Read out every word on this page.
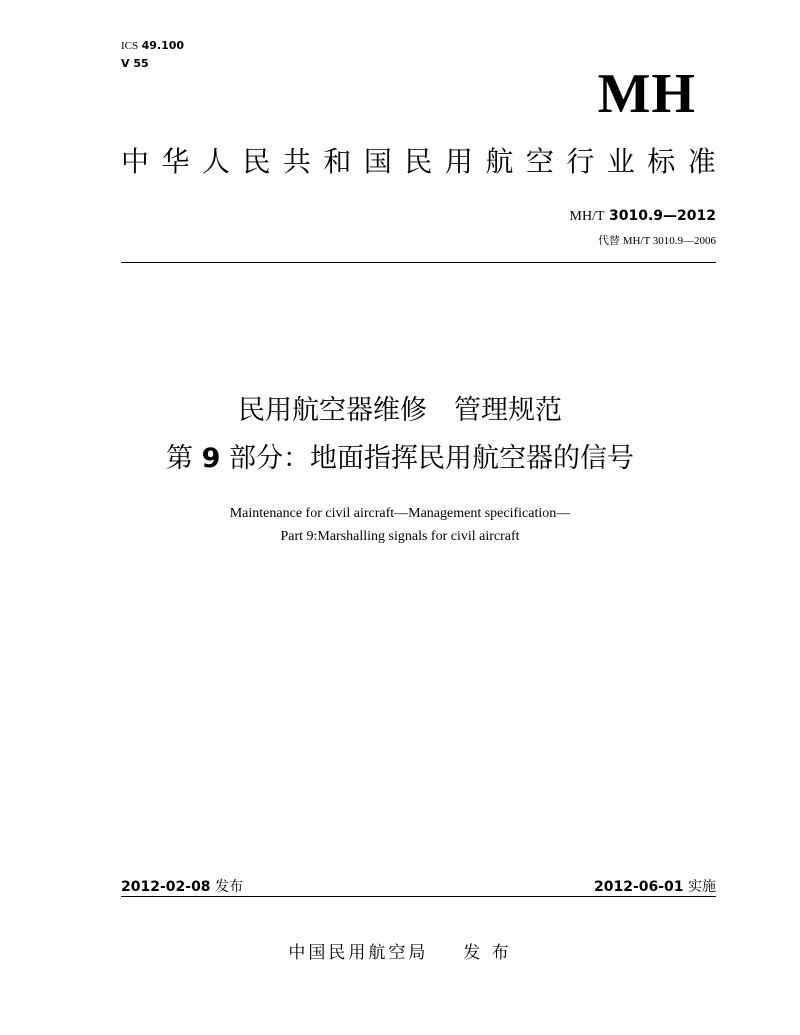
ICS 49.100
V 55	MH
中 华 人 民 共 和 国 民 用 航 空 行 业 标 准
MH/T 3010.9—2012
代替 MH/T 3010.9—2006
民用航空器维修　管理规范
第 9 部分：地面指挥民用航空器的信号
Maintenance for civil aircraft—Management specification—
Part 9:Marshalling signals for civil aircraft
2012-02-08 发布	2012-06-01 实施
中国民用航空局 发 布
